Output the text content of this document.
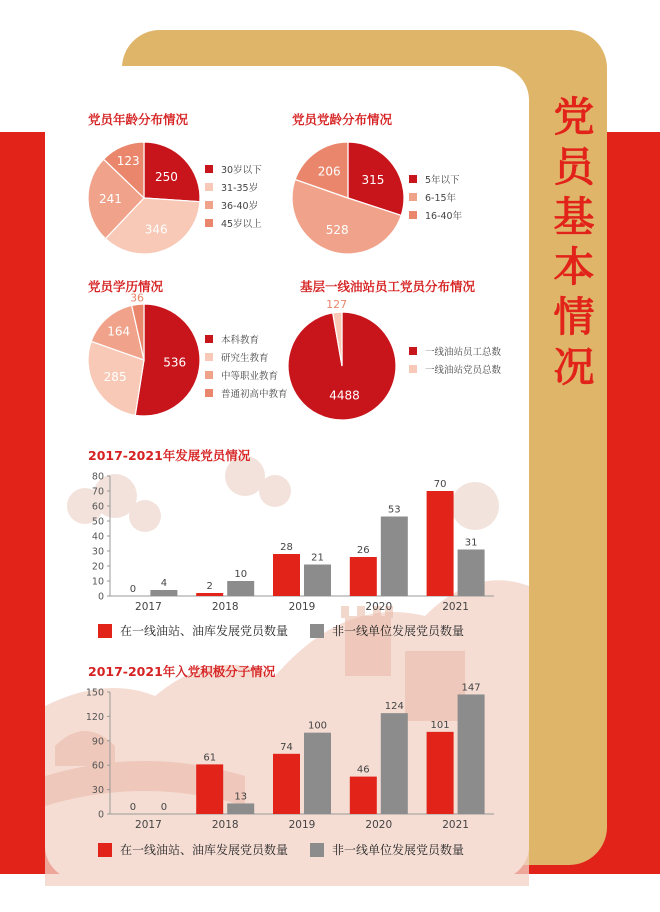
党员基本情况
党员年龄分布情况	党员党龄分布情况
党员学历情况	基层一线油站员工党员分布情况
2017-2021年发展党员情况
2017-2021年入党积极分子情况
250
346
241
123
315
528
206
536
285
164
36
4488
127
30岁以下
31-35岁
36-40岁
45岁以上
5年以下
6-15年
16-40年
本科教育
研究生教育
中等职业教育
普通初高中教育
一线油站员工总数
一线油站党员总数
0
10
20
30
40
50
60
70
80
0
4
2017
2
10
2018
28
21
2019
26
53
2020
70
31
2021
0
30
60
90
120
150
0 0
2017
61
13
2018
74
100
2019
46
124
2020
101
147
2021
在一线油站、油库发展党员数量	非一线单位发展党员数量
在一线油站、油库发展党员数量	非一线单位发展党员数量
